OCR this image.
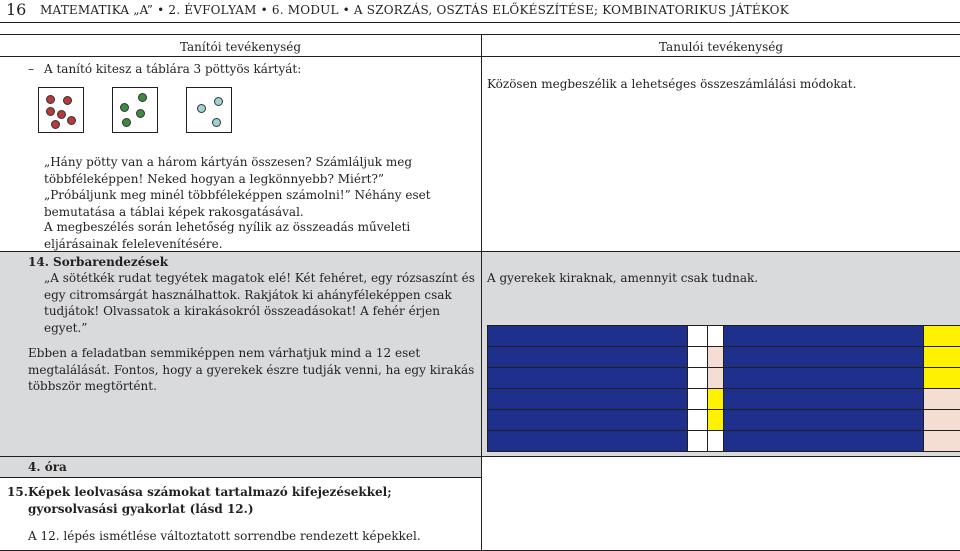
16 MATEMATIKA „A” • 2. ÉVFOLYAM • 6. MODUL • A SZORZÁS, OSZTÁS ELŐKÉSZÍTÉSE; KOMBINATORIKUS JÁTÉKOK
Tanítói tevékenység	Tanulói tevékenység
– A tanító kitesz a táblára 3 pöttyös kártyát:
Közösen megbeszélik a lehetséges összeszámlálási módokat.
„Hány pötty van a három kártyán összesen? Számláljuk meg többféleképpen! Neked hogyan a legkönnyebb? Miért?”
„Próbáljunk meg minél többféleképpen számolni!” Néhány eset bemutatása a táblai képek rakosgatásával.
A megbeszélés során lehetőség nyílik az összeadás műveleti eljárásainak felelevenítésére.
14. Sorbarendezések
„A sötétkék rudat tegyétek magatok elé! Két fehéret, egy rózsaszínt és egy citromsárgát használhattok. Rakjátok ki ahányféleképpen csak tudjátok! Olvassatok a kirakásokról összeadásokat! A fehér érjen egyet.”
Ebben a feladatban semmiképpen nem várhatjuk mind a 12 eset megtalálását. Fontos, hogy a gyerekek észre tudják venni, ha egy kirakás többször megtörtént.
A gyerekek kiraknak, amennyit csak tudnak.
4. óra
15. Képek leolvasása számokat tartalmazó kifejezésekkel; gyorsolvasási gyakorlat (lásd 12.)
A 12. lépés ismétlése változtatott sorrendbe rendezett képekkel.
